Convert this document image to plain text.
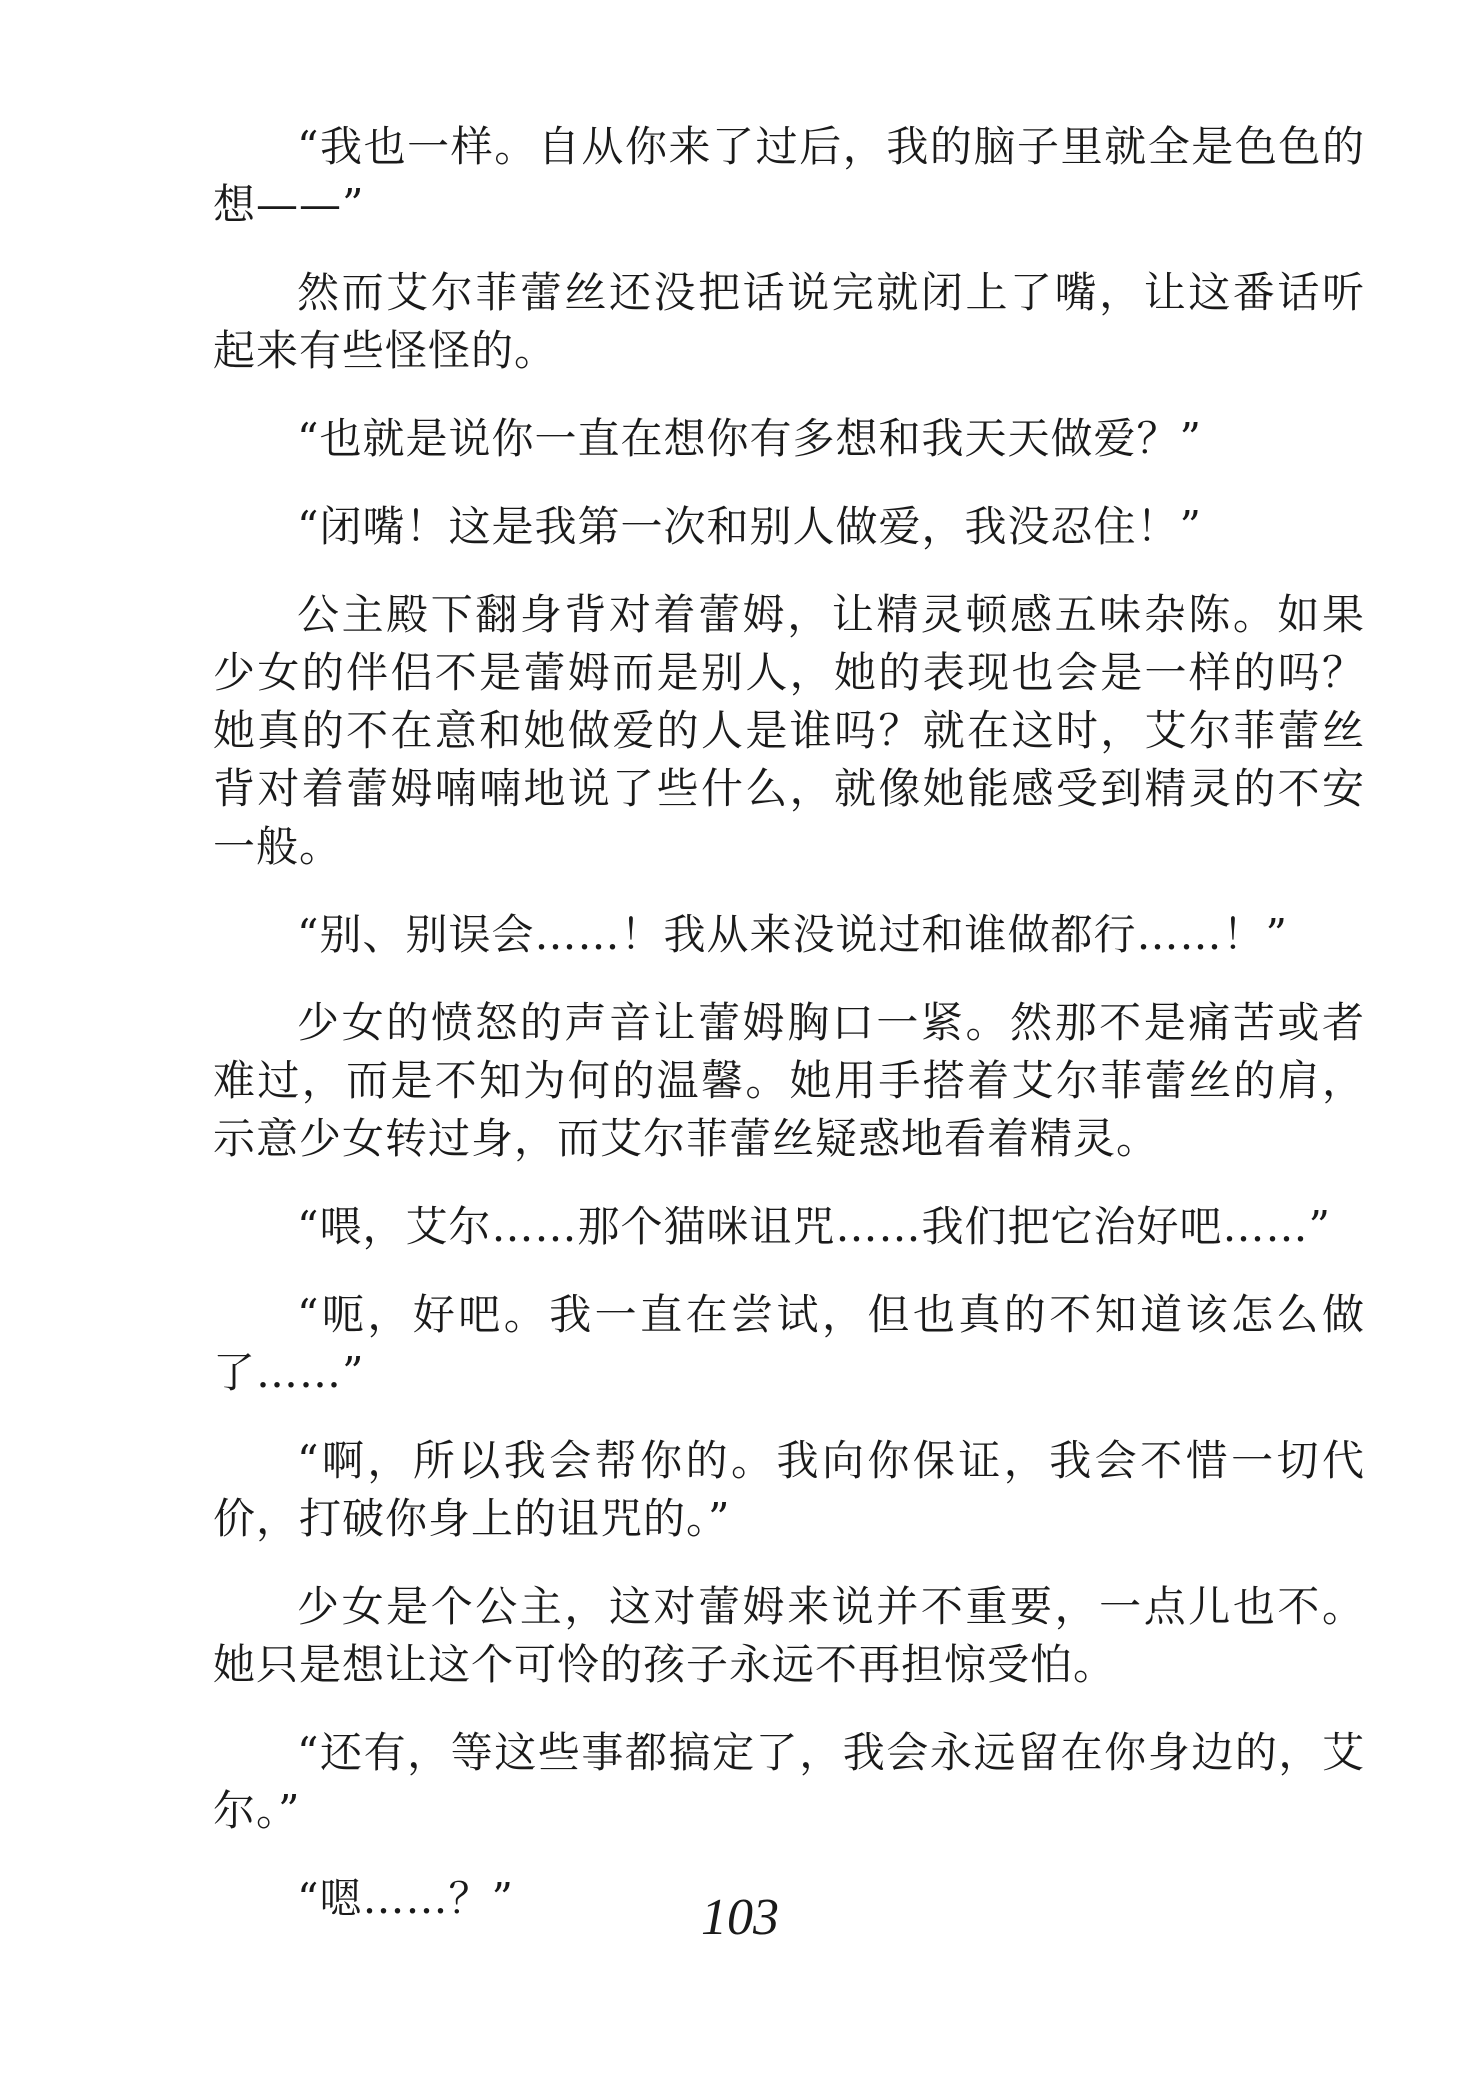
“我也一样。自从你来了过后，我的脑子里就全是色色的想——”

然而艾尔菲蕾丝还没把话说完就闭上了嘴，让这番话听起来有些怪怪的。

“也就是说你一直在想你有多想和我天天做爱？”

“闭嘴！这是我第一次和别人做爱，我没忍住！”

公主殿下翻身背对着蕾姆，让精灵顿感五味杂陈。如果少女的伴侣不是蕾姆而是别人，她的表现也会是一样的吗？她真的不在意和她做爱的人是谁吗？就在这时，艾尔菲蕾丝背对着蕾姆喃喃地说了些什么，就像她能感受到精灵的不安一般。

“别、别误会……！我从来没说过和谁做都行……！”

少女的愤怒的声音让蕾姆胸口一紧。然那不是痛苦或者难过，而是不知为何的温馨。她用手搭着艾尔菲蕾丝的肩，示意少女转过身，而艾尔菲蕾丝疑惑地看着精灵。

“喂，艾尔……那个猫咪诅咒……我们把它治好吧……”

“呃，好吧。我一直在尝试，但也真的不知道该怎么做了……”

“啊，所以我会帮你的。我向你保证，我会不惜一切代价，打破你身上的诅咒的。”

少女是个公主，这对蕾姆来说并不重要，一点儿也不。她只是想让这个可怜的孩子永远不再担惊受怕。

“还有，等这些事都搞定了，我会永远留在你身边的，艾尔。”

“嗯……？”	103
